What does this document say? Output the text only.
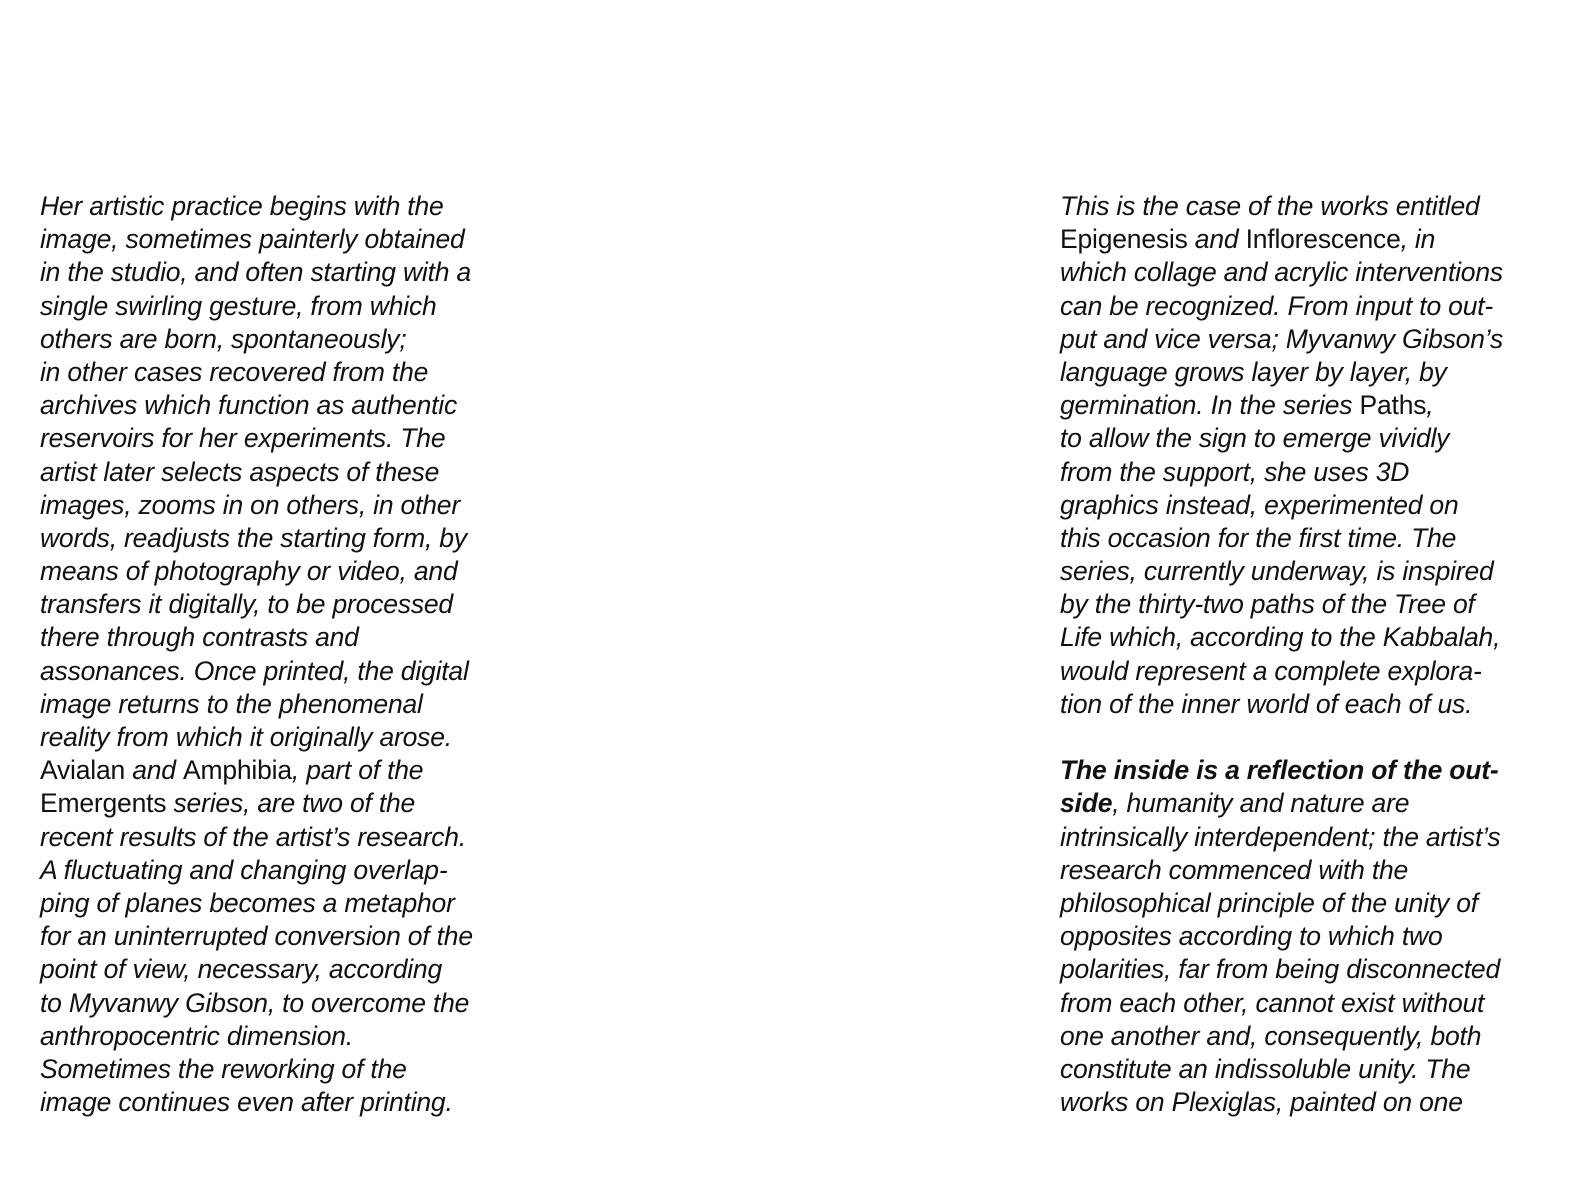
Her artistic practice begins with the
image, sometimes painterly obtained
in the studio, and often starting with a
single swirling gesture, from which
others are born, spontaneously;
in other cases recovered from the
archives which function as authentic
reservoirs for her experiments. The
artist later selects aspects of these
images, zooms in on others, in other
words, readjusts the starting form, by
means of photography or video, and
transfers it digitally, to be processed
there through contrasts and
assonances. Once printed, the digital
image returns to the phenomenal
reality from which it originally arose.
Avialan and Amphibia, part of the
Emergents series, are two of the
recent results of the artist’s research.
A fluctuating and changing overlap-
ping of planes becomes a metaphor
for an uninterrupted conversion of the
point of view, necessary, according
to Myvanwy Gibson, to overcome the
anthropocentric dimension.
Sometimes the reworking of the
image continues even after printing.
This is the case of the works entitled
Epigenesis and Inflorescence, in
which collage and acrylic interventions
can be recognized. From input to out-
put and vice versa; Myvanwy Gibson’s
language grows layer by layer, by
germination. In the series Paths,
to allow the sign to emerge vividly
from the support, she uses 3D
graphics instead, experimented on
this occasion for the first time. The
series, currently underway, is inspired
by the thirty-two paths of the Tree of
Life which, according to the Kabbalah,
would represent a complete explora-
tion of the inner world of each of us.
The inside is a reflection of the out-
side, humanity and nature are
intrinsically interdependent; the artist’s
research commenced with the
philosophical principle of the unity of
opposites according to which two
polarities, far from being disconnected
from each other, cannot exist without
one another and, consequently, both
constitute an indissoluble unity. The
works on Plexiglas, painted on one
